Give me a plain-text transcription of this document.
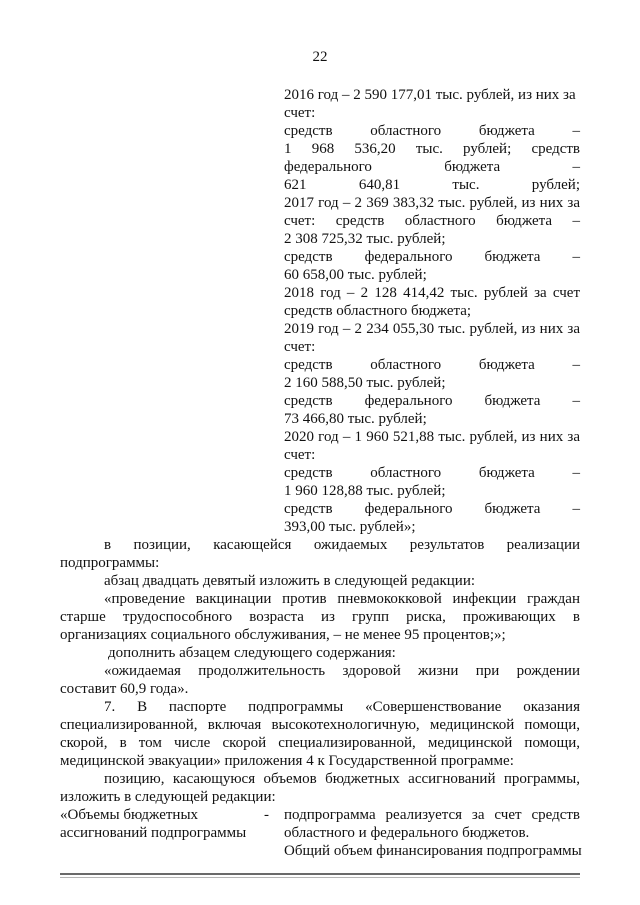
22
2016 год – 2 590 177,01 тыс. рублей, из них за
счет:
средств областного бюджета –
1 968 536,20 тыс. рублей; средств
федерального бюджета –
621 640,81 тыс. рублей;
2017 год – 2 369 383,32 тыс. рублей, из них за
счет: средств областного бюджета –
2 308 725,32 тыс. рублей;
средств федерального бюджета –
60 658,00 тыс. рублей;
2018 год – 2 128 414,42 тыс. рублей за счет
средств областного бюджета;
2019 год – 2 234 055,30 тыс. рублей, из них за
счет:
средств областного бюджета –
2 160 588,50 тыс. рублей;
средств федерального бюджета –
73 466,80 тыс. рублей;
2020 год – 1 960 521,88 тыс. рублей, из них за
счет:
средств областного бюджета –
1 960 128,88 тыс. рублей;
средств федерального бюджета –
393,00 тыс. рублей»;
в позиции, касающейся ожидаемых результатов реализации
подпрограммы:
абзац двадцать девятый изложить в следующей редакции:
«проведение вакцинации против пневмококковой инфекции граждан
старше трудоспособного возраста из групп риска, проживающих в
организациях социального обслуживания, – не менее 95 процентов;»;
дополнить абзацем следующего содержания:
«ожидаемая продолжительность здоровой жизни при рождении
составит 60,9 года».
7. В паспорте подпрограммы «Совершенствование оказания
специализированной, включая высокотехнологичную, медицинской помощи,
скорой, в том числе скорой специализированной, медицинской помощи,
медицинской эвакуации» приложения 4 к Государственной программе:
позицию, касающуюся объемов бюджетных ассигнований программы,
изложить в следующей редакции:
«Объемы бюджетных
ассигнований подпрограммы
- подпрограмма реализуется за счет средств
областного и федерального бюджетов.
Общий объем финансирования подпрограммы
